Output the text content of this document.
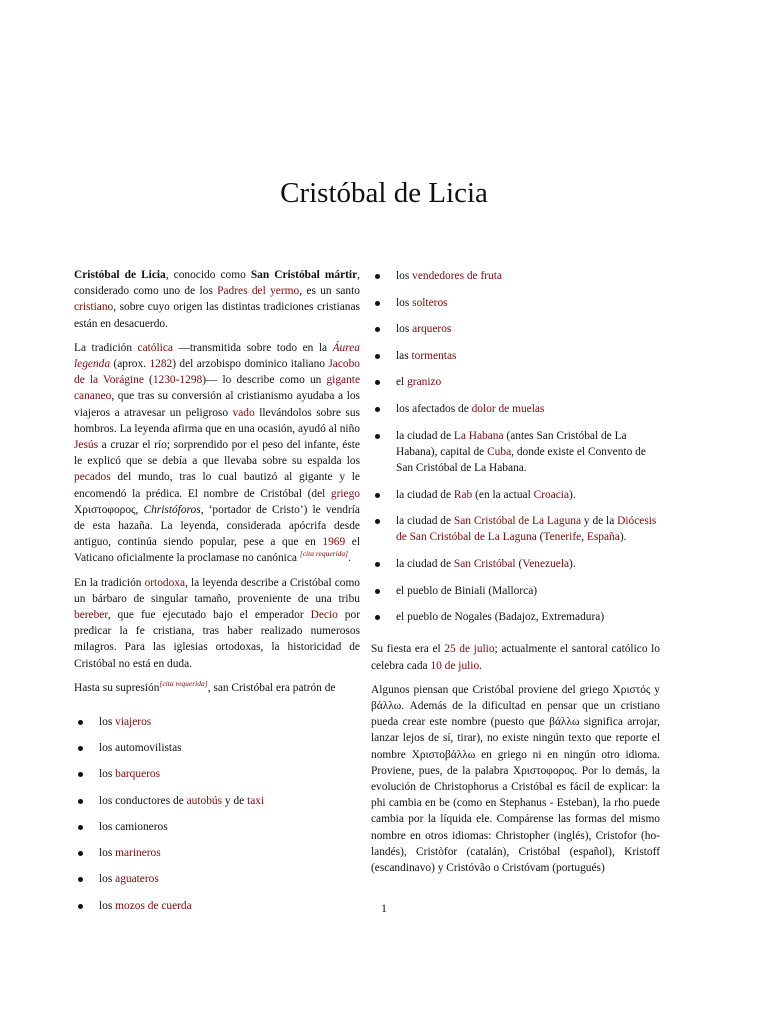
Cristóbal de Licia

Cristóbal de Licia, conocido como San Cristóbal mártir, considerado como uno de los Padres del yermo, es un santo cristiano, sobre cuyo origen las distintas tradiciones cristianas están en desacuerdo.

La tradición católica —transmitida sobre todo en la Áurea legenda (aprox. 1282) del arzobispo dominico italiano Jacobo de la Vorágine (1230-1298)— lo describe como un gigante cananeo, que tras su conversión al cristianismo ayudaba a los viajeros a atravesar un peligroso vado llevándolos sobre sus hombros. La leyenda afirma que en una ocasión, ayudó al niño Jesús a cruzar el río; sorprendido por el peso del infante, éste le explicó que se debía a que llevaba sobre su espalda los pecados del mundo, tras lo cual bautizó al gigante y le encomendó la prédica. El nombre de Cristóbal (del griego Χριστοφορος, Christóforos, ‘portador de Cristo’) le vendría de esta hazaña. La leyenda, considerada apócrifa desde antiguo, continúa siendo popular, pese a que en 1969 el Vaticano oficialmente la proclamase no canónica [cita requerida].

En la tradición ortodoxa, la leyenda describe a Cristóbal como un bárbaro de singular tamaño, proveniente de una tribu bereber, que fue ejecutado bajo el emperador Decio por predicar la fe cristiana, tras haber realizado numerosos milagros. Para las iglesias ortodoxas, la historicidad de Cristóbal no está en duda.

Hasta su supresión[cita requerida], san Cristóbal era patrón de

los viajeros
los automovilistas
los barqueros
los conductores de autobús y de taxi
los camioneros
los marineros
los aguateros
los mozos de cuerda
los vendedores de fruta
los solteros
los arqueros
las tormentas
el granizo
los afectados de dolor de muelas
la ciudad de La Habana (antes San Cristóbal de La Habana), capital de Cuba, donde existe el Convento de San Cristóbal de La Habana.
la ciudad de Rab (en la actual Croacia).
la ciudad de San Cristóbal de La Laguna y de la Diócesis de San Cristóbal de La Laguna (Tenerife, España).
la ciudad de San Cristóbal (Venezuela).
el pueblo de Biniali (Mallorca)
el pueblo de Nogales (Badajoz, Extremadura)

Su fiesta era el 25 de julio; actualmente el santoral católico lo celebra cada 10 de julio.

Algunos piensan que Cristóbal proviene del griego Χριστός y βάλλω. Además de la dificultad en pensar que un cristiano pueda crear este nombre (puesto que βάλλω significa arrojar, lanzar lejos de sí, tirar), no existe ningún texto que reporte el nombre Χριστοβάλλω en griego ni en ningún otro idioma. Proviene, pues, de la palabra Χριστοφορος. Por lo demás, la evolución de Christophorus a Cristóbal es fácil de explicar: la phi cambia en be (como en Stephanus - Esteban), la rho puede cambia por la líquida ele. Compárense las formas del mismo nombre en otros idiomas: Christopher (inglés), Cristofor (holandés), Cristòfor (catalán), Cristóbal (español), Kristoff (escandinavo) y Cristóvão o Cristóvam (portugués)

1
